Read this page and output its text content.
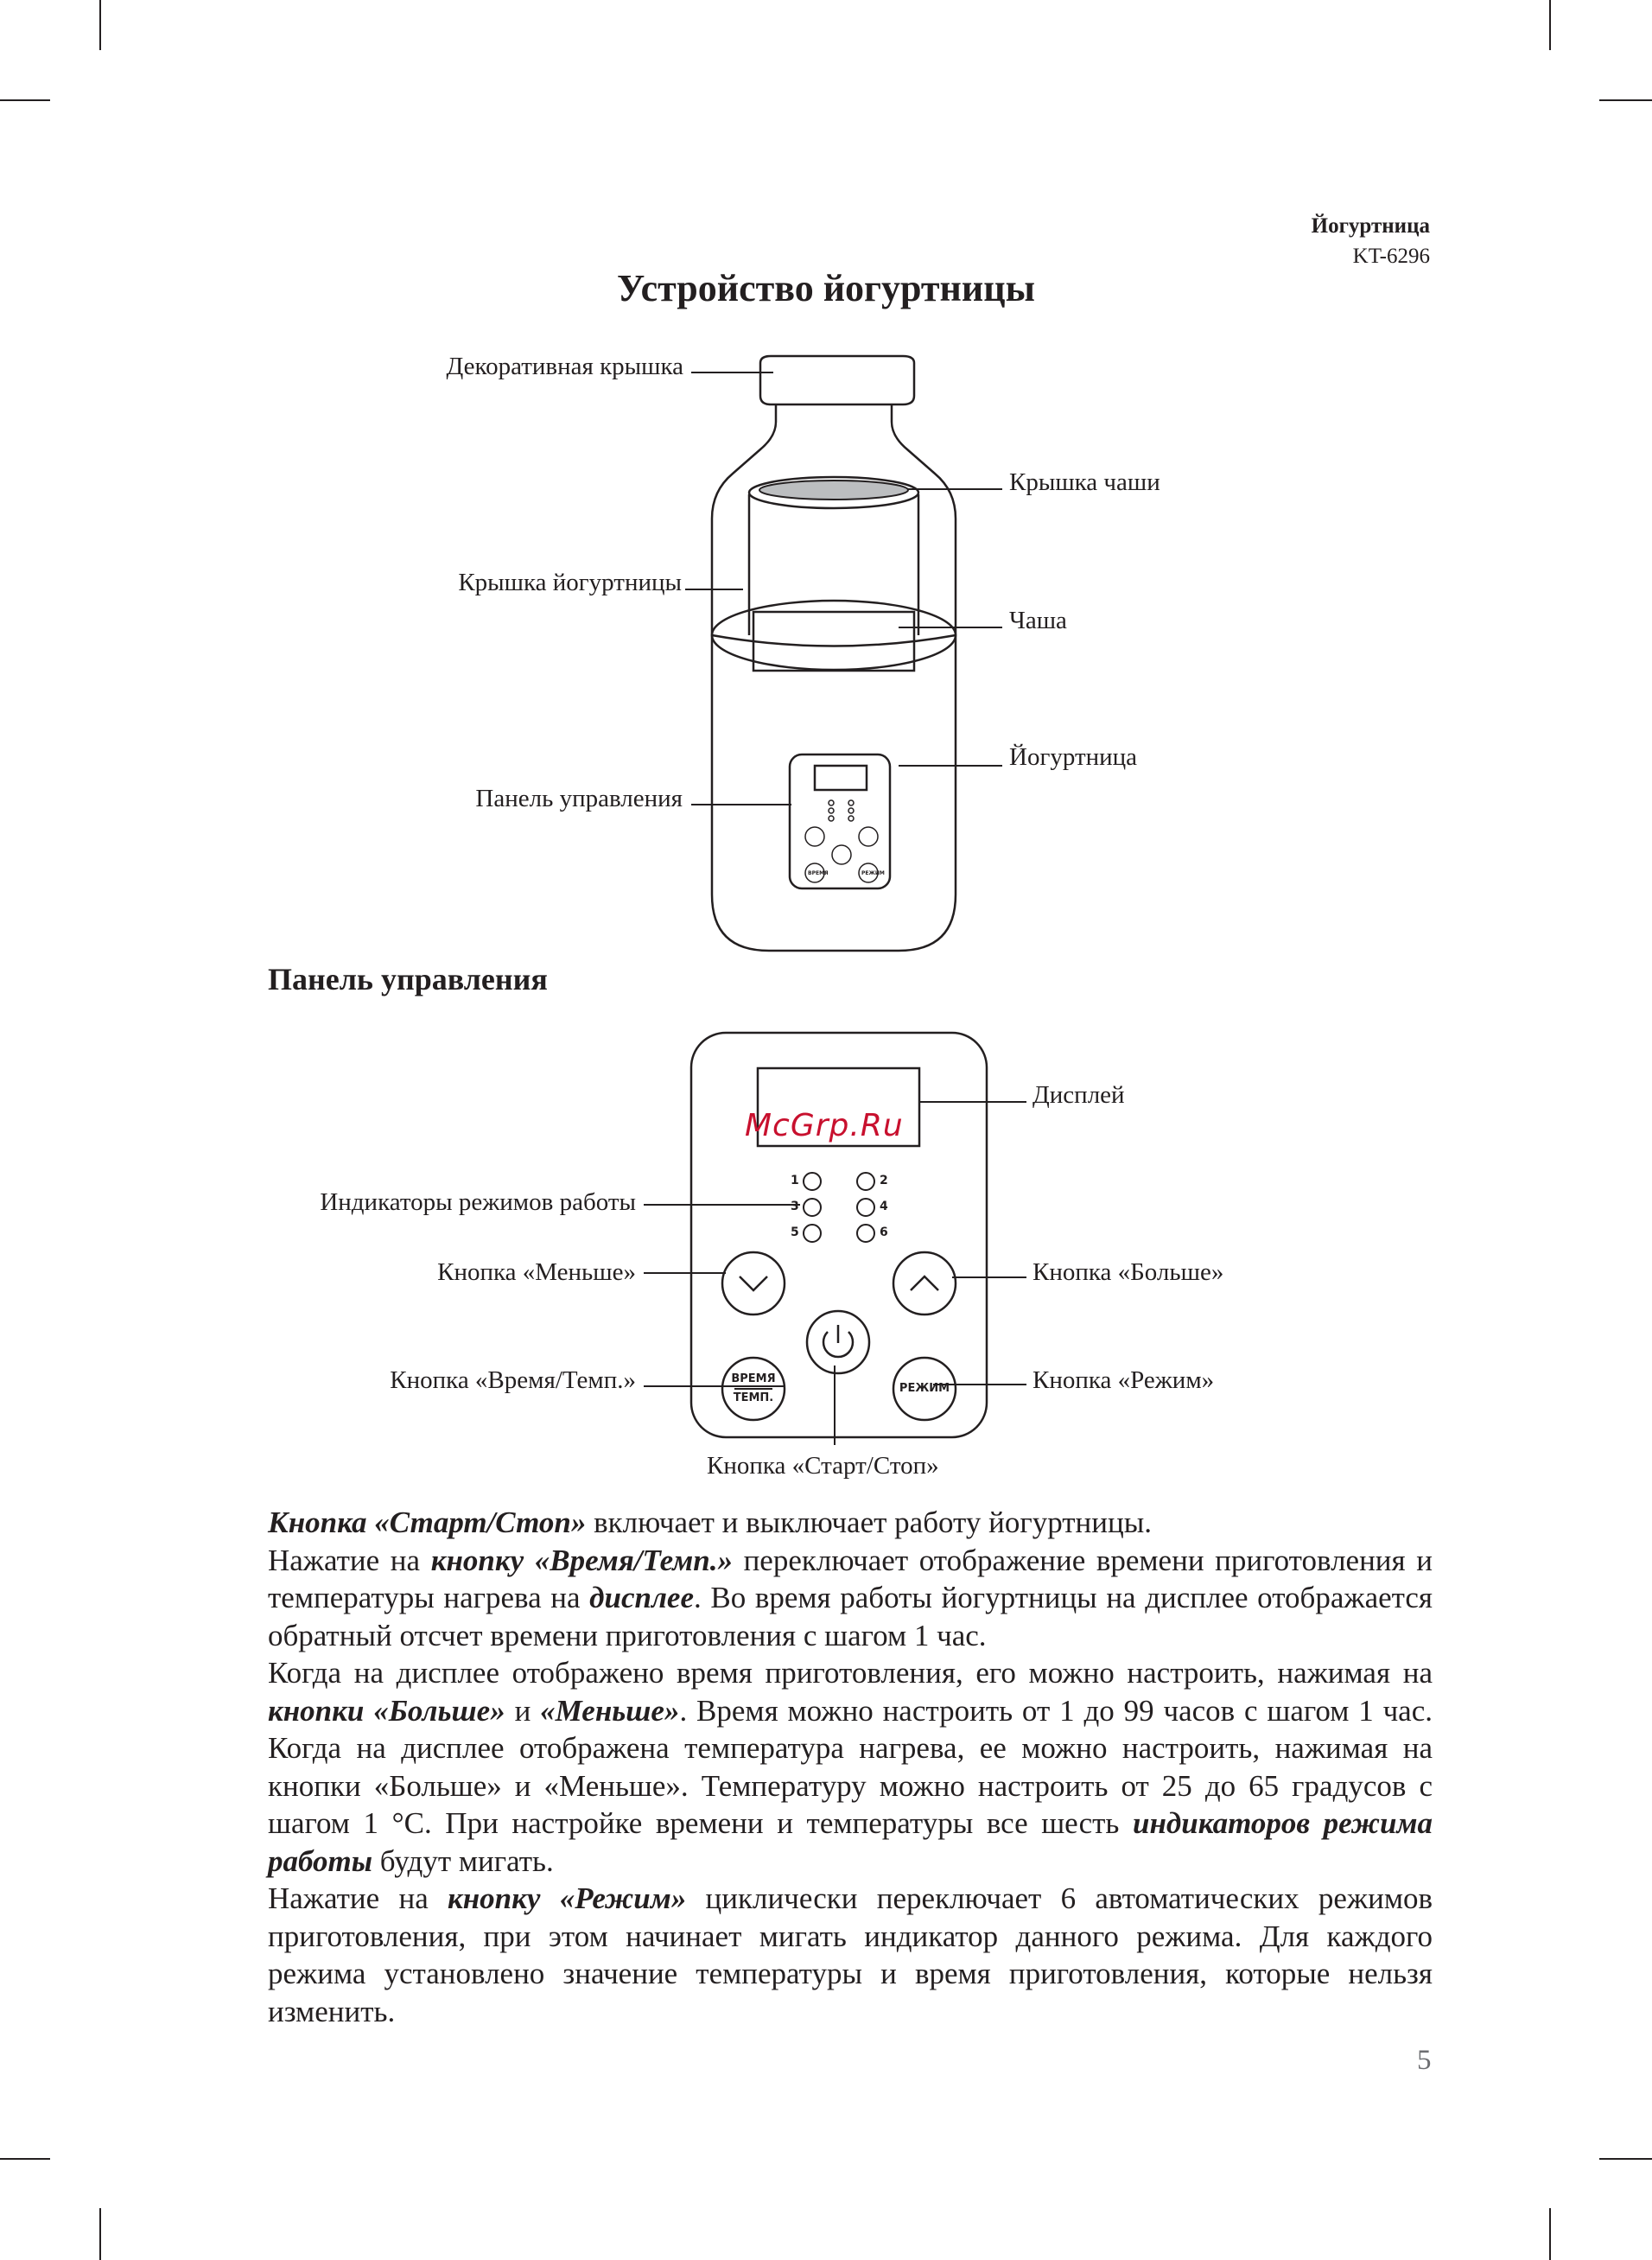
Йогуртница
KT-6296
Устройство йогуртницы
ВРЕМЯ	РЕЖИМ
1	2
3	4
5	6
ВРЕМЯ
ТЕМП.
РЕЖИМ
Декоративная крышка
Крышка чаши
Крышка йогуртницы
Чаша
Йогуртница
Панель управления
Панель управления
Дисплей
Индикаторы режимов работы
Кнопка «Меньше»	Кнопка «Больше»
Кнопка «Время/Темп.»	Кнопка «Режим»
Кнопка «Старт/Стоп»
McGrp.Ru

Кнопка «Старт/Стоп» включает и выключает работу йогуртницы.

Нажатие на кнопку «Время/Темп.» переключает отображение времени приготовления и температуры нагрева на дисплее. Во время работы йогуртницы на дисплее отображается обратный отсчет времени приготовления с шагом 1 час.

Когда на дисплее отображено время приготовления, его можно настроить, нажимая на кнопки «Больше» и «Меньше». Время можно настроить от 1 до 99 часов с шагом 1 час. Когда на дисплее отображена температура нагрева, ее можно настроить, нажимая на кнопки «Больше» и «Меньше». Температуру можно настроить от 25 до 65 градусов с шагом 1 °С. При настройке времени и температуры все шесть индикаторов режима работы будут мигать.

Нажатие на кнопку «Режим» циклически переключает 6 автоматических режимов приготовления, при этом начинает мигать индикатор данного режима. Для каждого режима установлено значение температуры и время приготовления, которые нельзя изменить.

5
